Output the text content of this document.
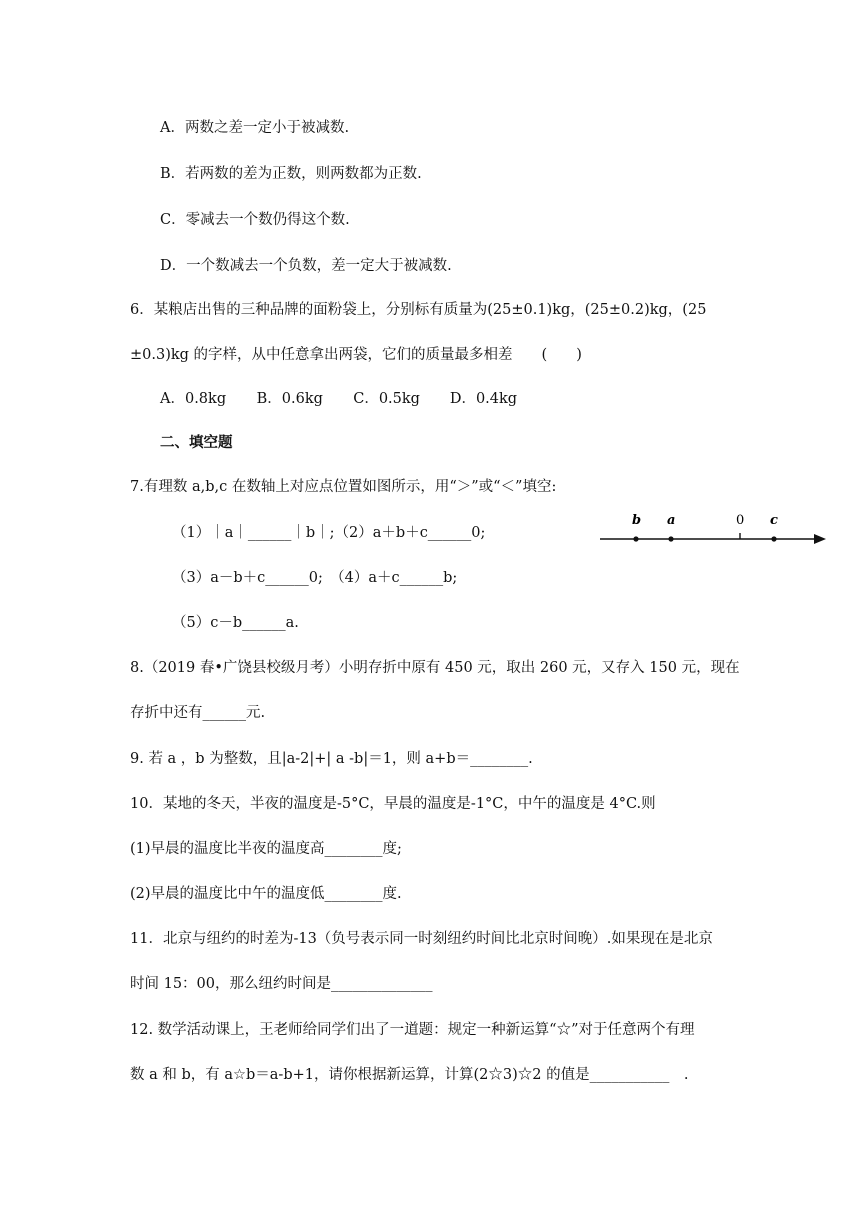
A．两数之差一定小于被减数.
B．若两数的差为正数，则两数都为正数.
C．零减去一个数仍得这个数.
D．一个数减去一个负数，差一定大于被减数.
6．某粮店出售的三种品牌的面粉袋上，分别标有质量为(25±0.1)kg，(25±0.2)kg，(25
±0.3)kg 的字样，从中任意拿出两袋，它们的质量最多相差　　(　　)
A．0.8kg B．0.6kg C．0.5kg D．0.4kg
二、填空题
7.有理数 a,b,c 在数轴上对应点位置如图所示，用“＞”或“＜”填空:
（1）｜a｜______｜b｜;（2）a＋b＋c______0;
（3）a－b＋c______0;　（4）a＋c______b;
（5）c－b______a.
b a	0 c
8.（2019 春•广饶县校级月考）小明存折中原有 450 元，取出 260 元，又存入 150 元，现在
存折中还有______元.
9. 若 a ，b 为整数，且|a-2|+| a -b|＝1，则 a+b＝________.
10．某地的冬天，半夜的温度是-5°C，早晨的温度是-1°C，中午的温度是 4°C.则
(1)早晨的温度比半夜的温度高________度;
(2)早晨的温度比中午的温度低________度.
11．北京与纽约的时差为-13（负号表示同一时刻纽约时间比北京时间晚）.如果现在是北京
时间 15：00，那么纽约时间是______________
12. 数学活动课上，王老师给同学们出了一道题：规定一种新运算“☆”对于任意两个有理
数 a 和 b，有 a☆b＝a-b+1，请你根据新运算，计算(2☆3)☆2 的值是___________　.
